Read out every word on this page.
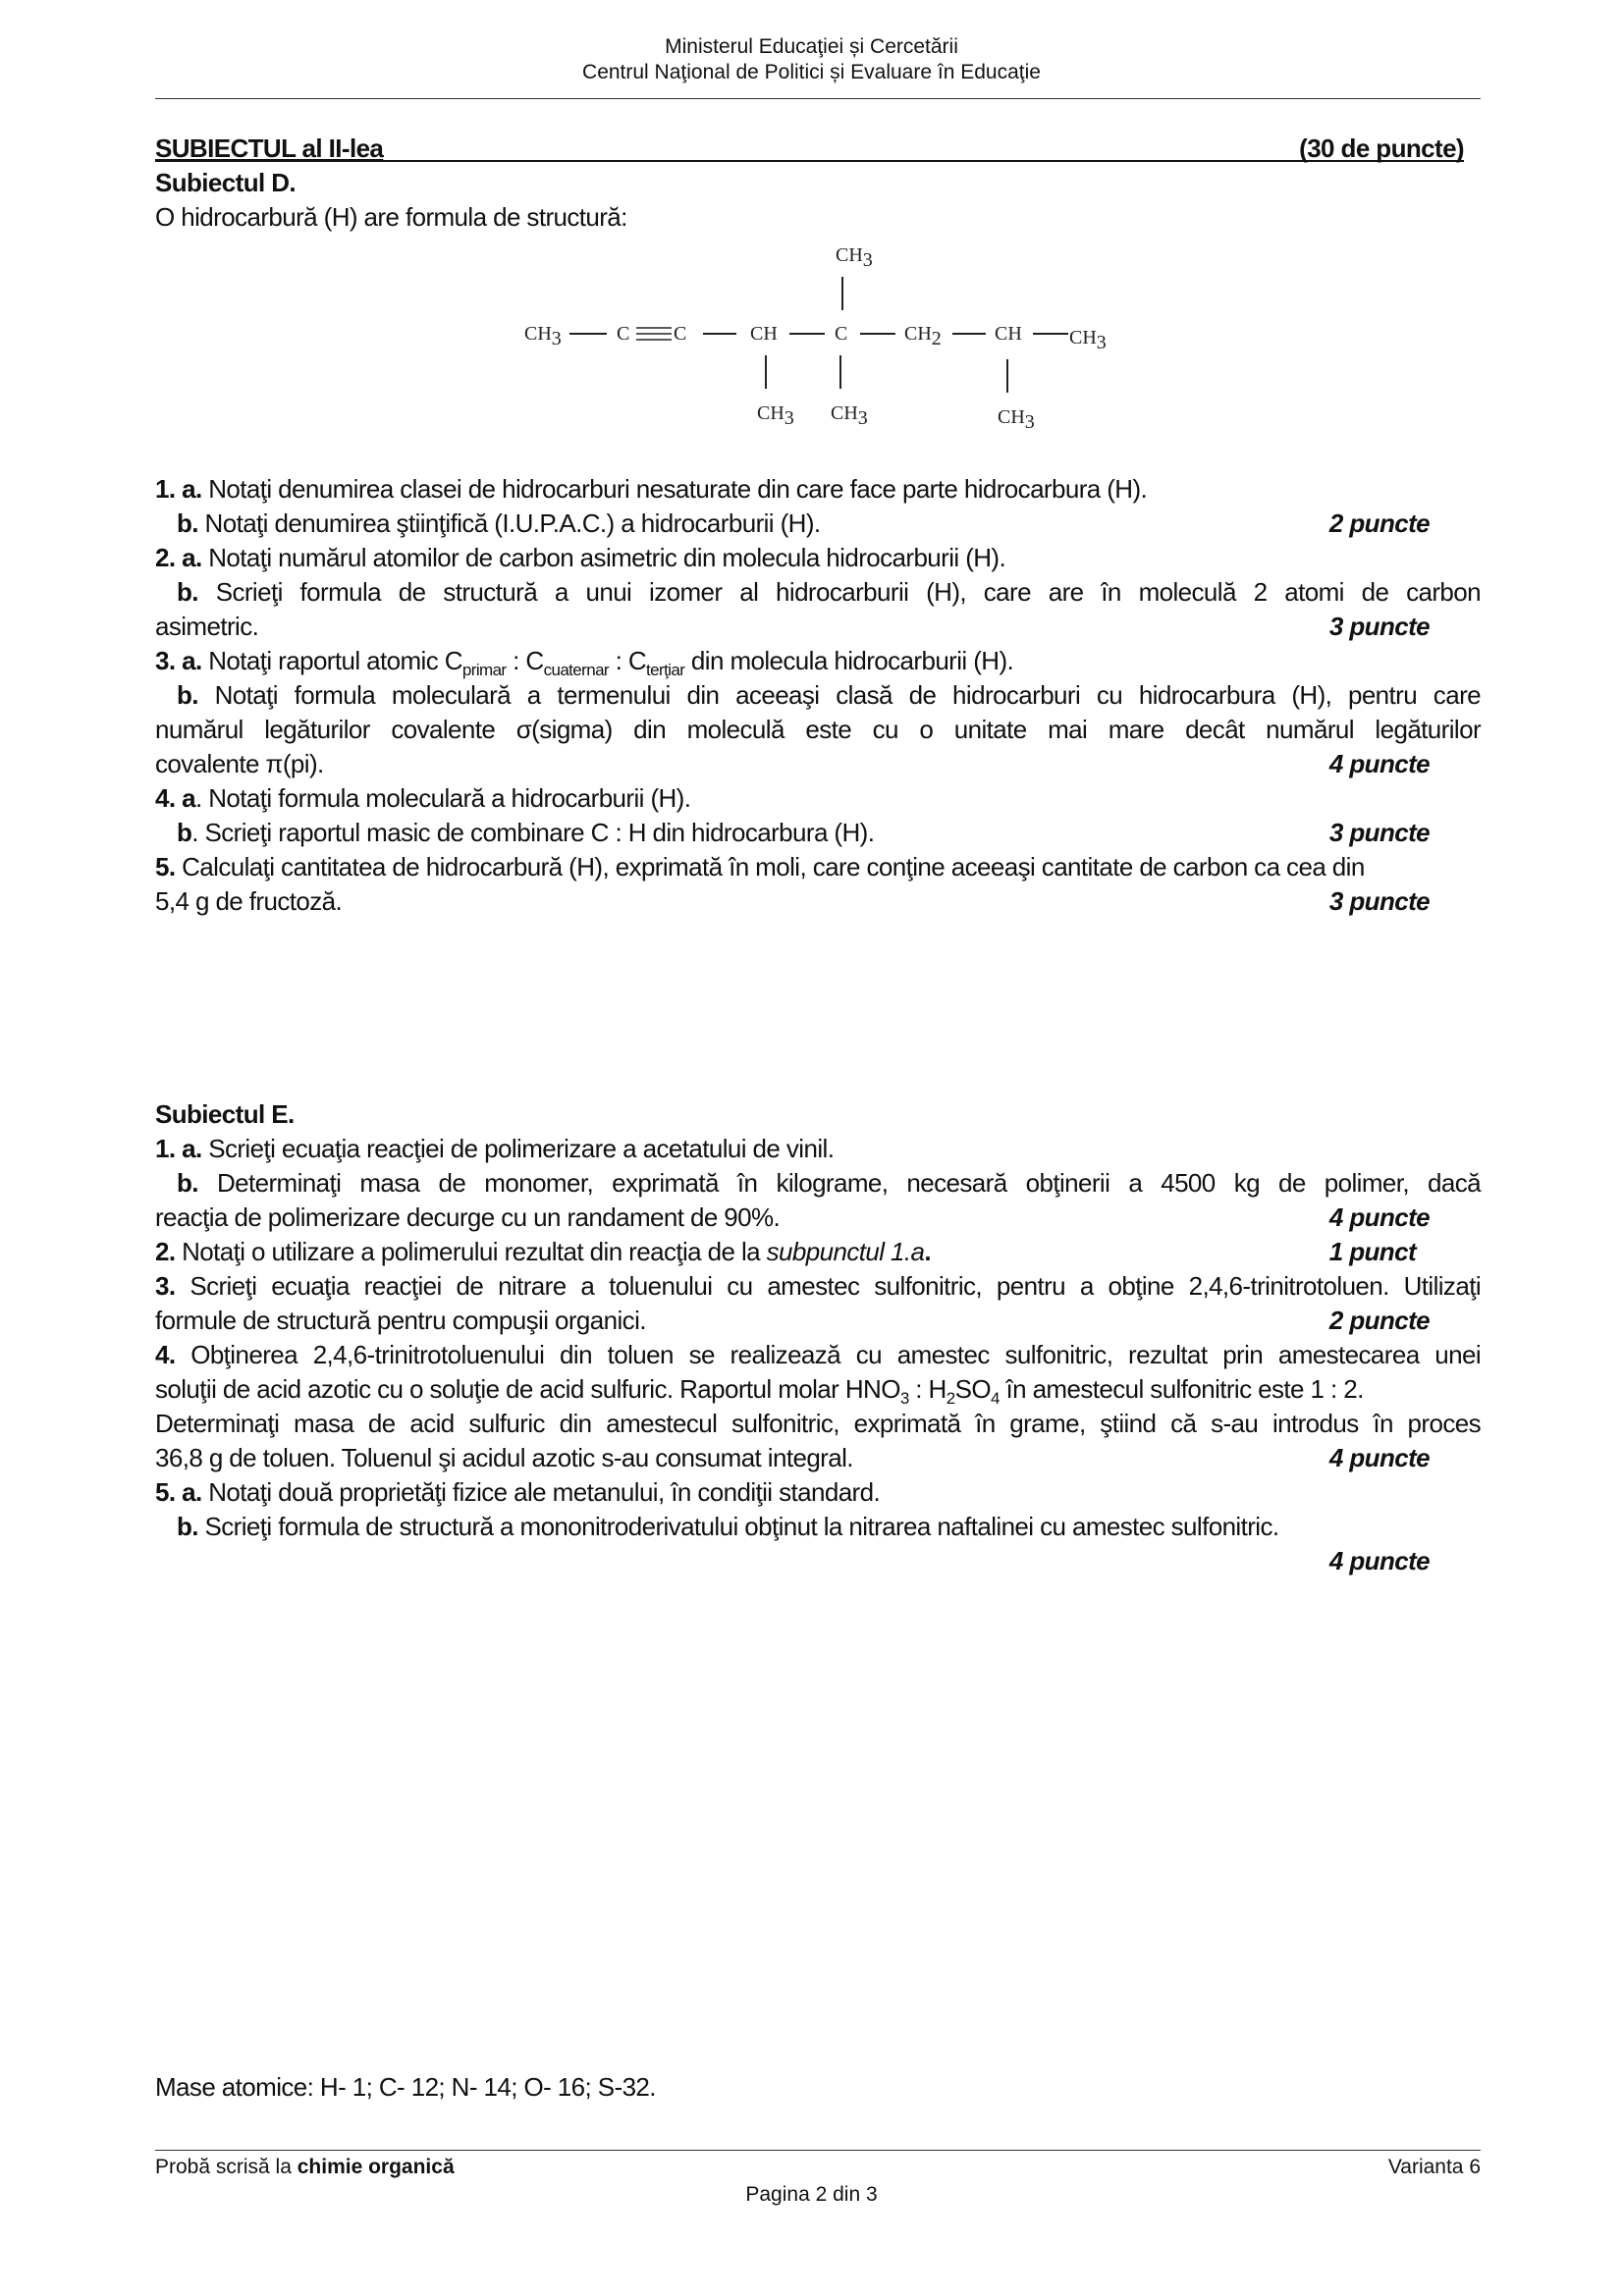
Ministerul Educaţiei și Cercetării
Centrul Naţional de Politici și Evaluare în Educaţie
SUBIECTUL al II-lea	(30 de puncte)
Subiectul D.
O hidrocarbură (H) are formula de structură:
CH3
CH3	C C	CH	C	CH2	CH CH3
CH3 CH3	CH3
1. a. Notaţi denumirea clasei de hidrocarburi nesaturate din care face parte hidrocarbura (H).
b. Notaţi denumirea ştiinţifică (I.U.P.A.C.) a hidrocarburii (H).	2 puncte
2. a. Notaţi numărul atomilor de carbon asimetric din molecula hidrocarburii (H).
b. Scrieţi formula de structură a unui izomer al hidrocarburii (H), care are în moleculă 2 atomi de carbon
asimetric.	3 puncte
3. a. Notaţi raportul atomic $C_{primar}$ : $C_{cuaternar}$ : $C_{terţiar}$ din molecula hidrocarburii (H).
b. Notaţi formula moleculară a termenului din aceeaşi clasă de hidrocarburi cu hidrocarbura (H), pentru care
numărul legăturilor covalente σ(sigma) din moleculă este cu o unitate mai mare decât numărul legăturilor
covalente π(pi).	4 puncte
4. a. Notaţi formula moleculară a hidrocarburii (H).
b. Scrieţi raportul masic de combinare C : H din hidrocarbura (H).	3 puncte
5. Calculaţi cantitatea de hidrocarbură (H), exprimată în moli, care conţine aceeaşi cantitate de carbon ca cea din
5,4 g de fructoză.	3 puncte
Subiectul E.
1. a. Scrieţi ecuaţia reacţiei de polimerizare a acetatului de vinil.
b. Determinaţi masa de monomer, exprimată în kilograme, necesară obţinerii a 4500 kg de polimer, dacă
reacţia de polimerizare decurge cu un randament de 90%.	4 puncte
2. Notaţi o utilizare a polimerului rezultat din reacţia de la subpunctul 1.a.	1 punct
3. Scrieţi ecuaţia reacţiei de nitrare a toluenului cu amestec sulfonitric, pentru a obţine 2,4,6-trinitrotoluen. Utilizaţi
formule de structură pentru compuşii organici.	2 puncte
4. Obţinerea 2,4,6-trinitrotoluenului din toluen se realizează cu amestec sulfonitric, rezultat prin amestecarea unei
soluţii de acid azotic cu o soluţie de acid sulfuric. Raportul molar $HNO_3$ : $H_2SO_4$ în amestecul sulfonitric este 1 : 2.
Determinaţi masa de acid sulfuric din amestecul sulfonitric, exprimată în grame, ştiind că s-au introdus în proces
36,8 g de toluen. Toluenul şi acidul azotic s-au consumat integral.	4 puncte
5. a. Notaţi două proprietăţi fizice ale metanului, în condiţii standard.
b. Scrieţi formula de structură a mononitroderivatului obţinut la nitrarea naftalinei cu amestec sulfonitric.
4 puncte
Mase atomice: H- 1; C- 12; N- 14; O- 16; S-32.
Probă scrisă la chimie organică	Varianta 6
Pagina 2 din 3
